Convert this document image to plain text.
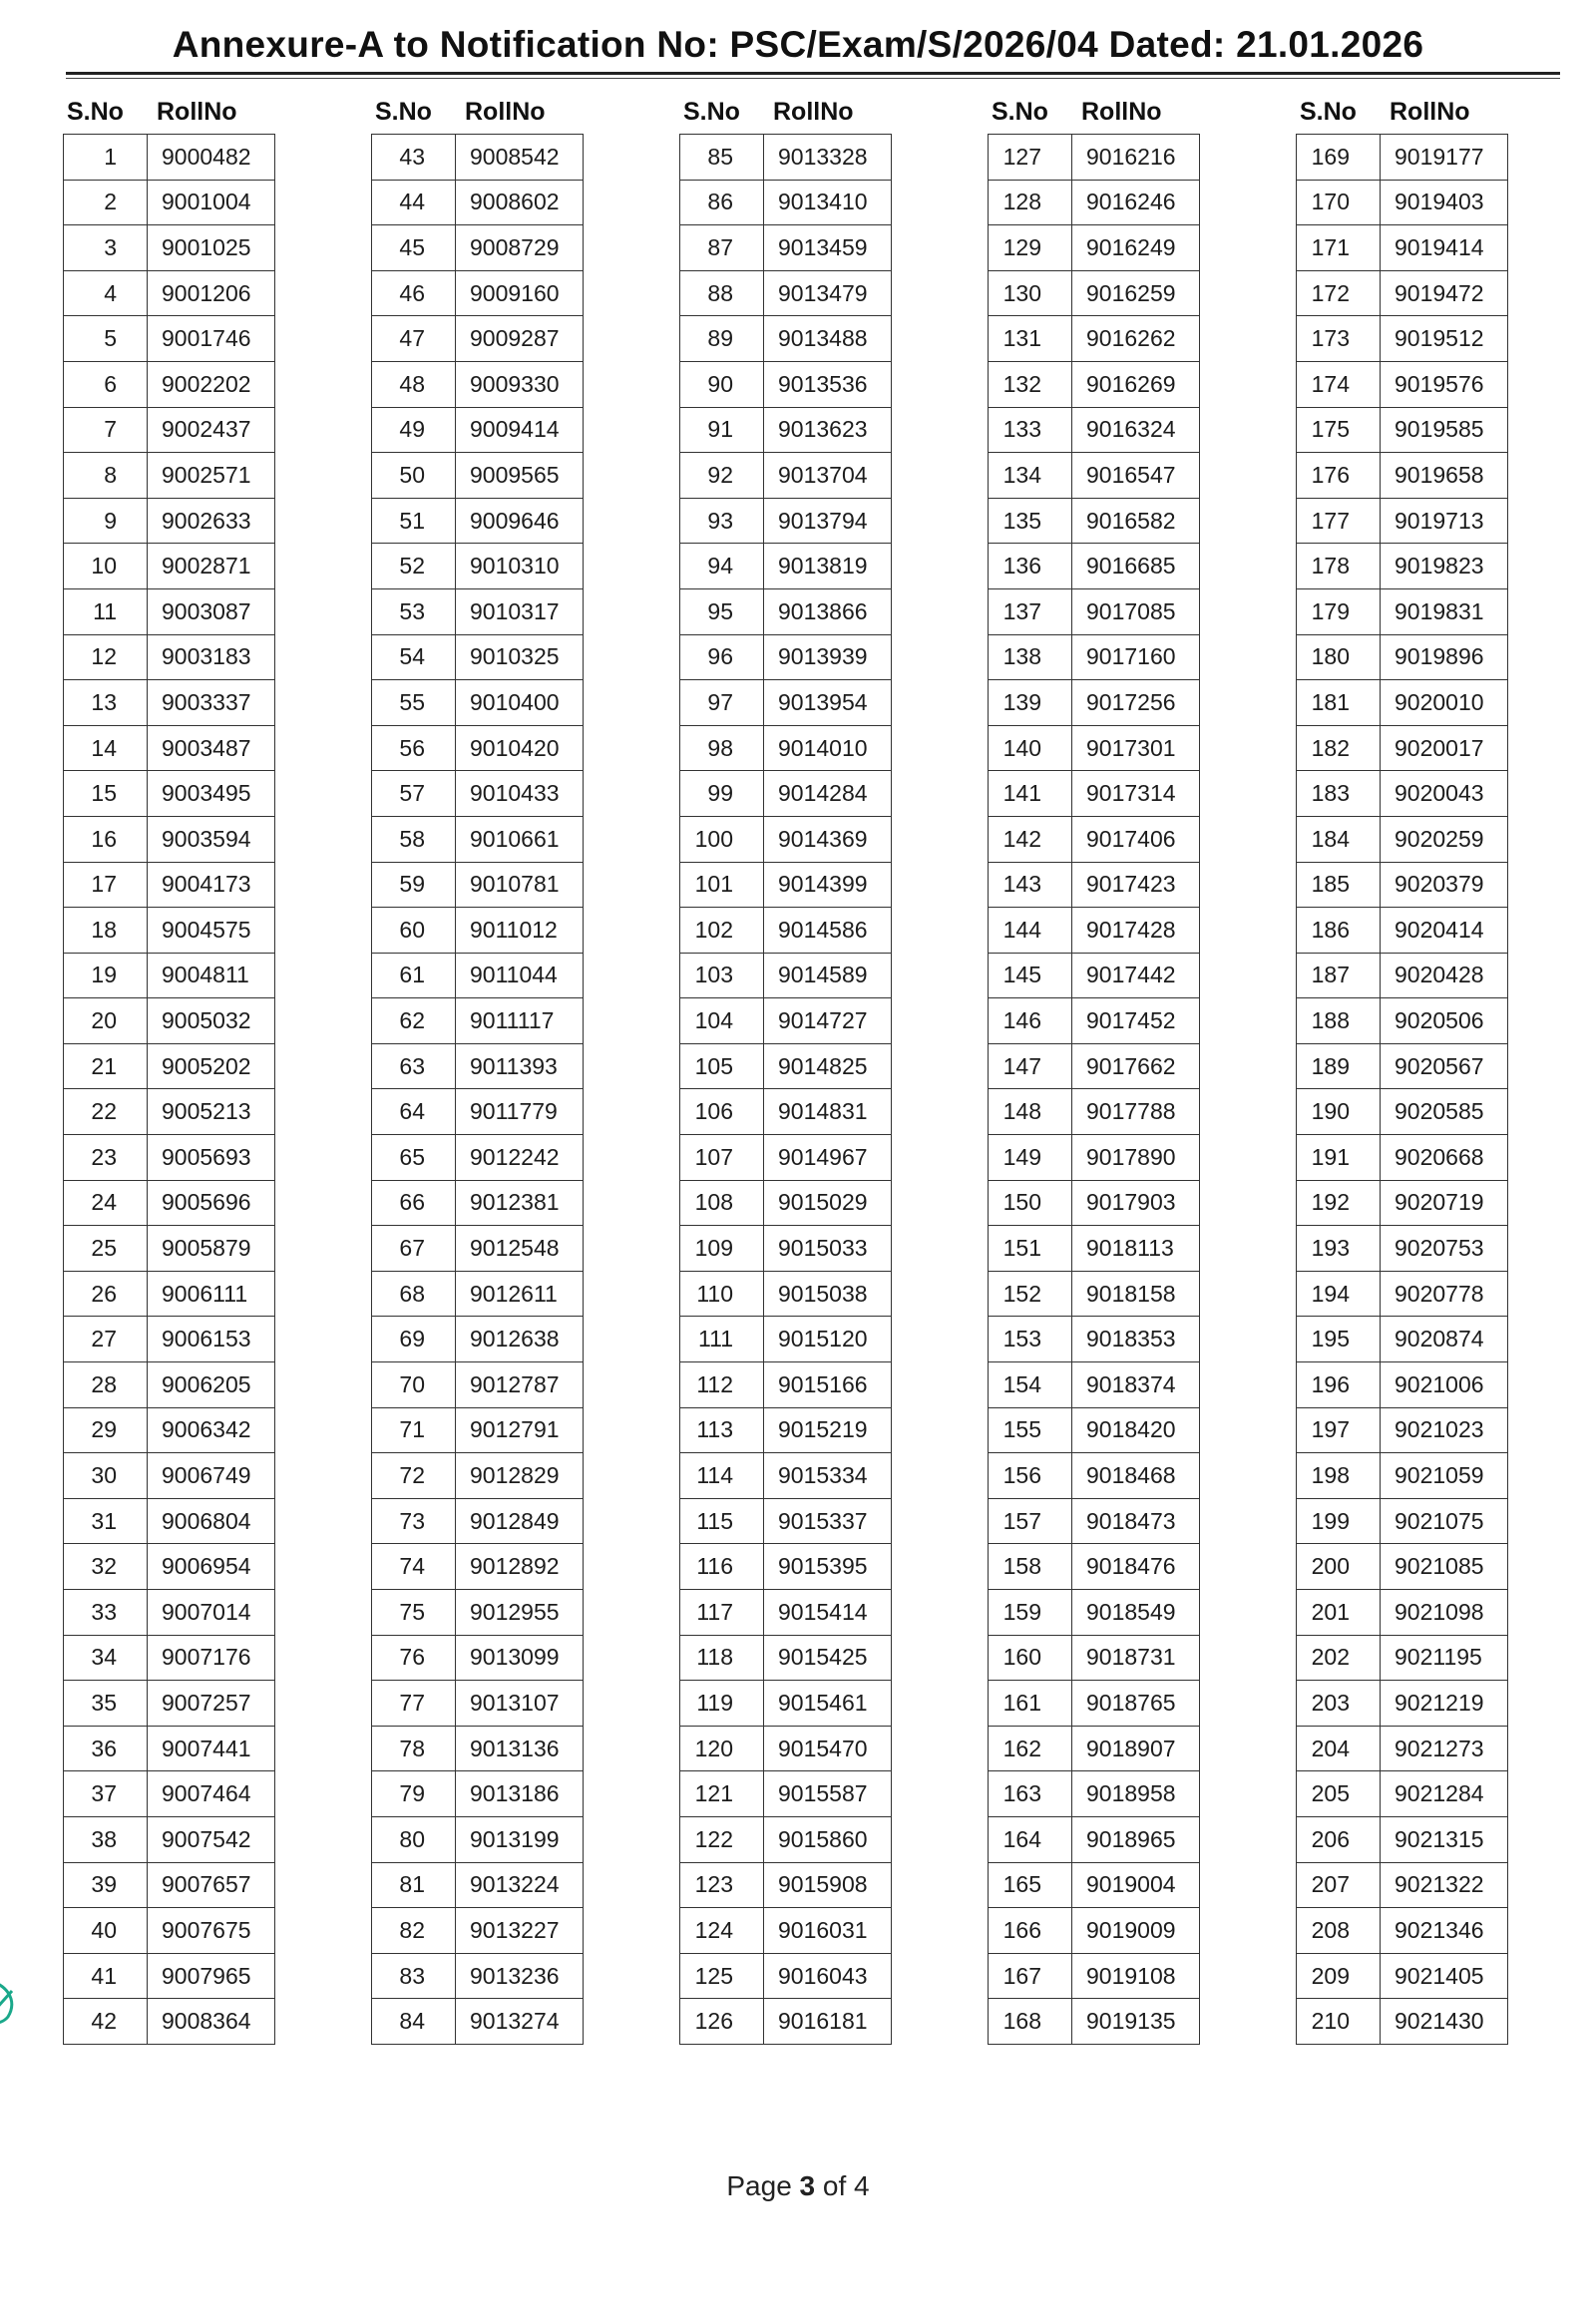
Annexure-A to Notification No: PSC/Exam/S/2026/04 Dated: 21.01.2026
S.No RollNo
1	9000482
2	9001004
3	9001025
4	9001206
5	9001746
6	9002202
7	9002437
8	9002571
9	9002633
10	9002871
11	9003087
12	9003183
13	9003337
14	9003487
15	9003495
16	9003594
17	9004173
18	9004575
19	9004811
20	9005032
21	9005202
22	9005213
23	9005693
24	9005696
25	9005879
26	9006111
27	9006153
28	9006205
29	9006342
30	9006749
31	9006804
32	9006954
33	9007014
34	9007176
35	9007257
36	9007441
37	9007464
38	9007542
39	9007657
40	9007675
41	9007965
42	9008364
S.No RollNo
43	9008542
44	9008602
45	9008729
46	9009160
47	9009287
48	9009330
49	9009414
50	9009565
51	9009646
52	9010310
53	9010317
54	9010325
55	9010400
56	9010420
57	9010433
58	9010661
59	9010781
60	9011012
61	9011044
62	9011117
63	9011393
64	9011779
65	9012242
66	9012381
67	9012548
68	9012611
69	9012638
70	9012787
71	9012791
72	9012829
73	9012849
74	9012892
75	9012955
76	9013099
77	9013107
78	9013136
79	9013186
80	9013199
81	9013224
82	9013227
83	9013236
84	9013274
S.No RollNo
85	9013328
86	9013410
87	9013459
88	9013479
89	9013488
90	9013536
91	9013623
92	9013704
93	9013794
94	9013819
95	9013866
96	9013939
97	9013954
98	9014010
99	9014284
100	9014369
101	9014399
102	9014586
103	9014589
104	9014727
105	9014825
106	9014831
107	9014967
108	9015029
109	9015033
110	9015038
111	9015120
112	9015166
113	9015219
114	9015334
115	9015337
116	9015395
117	9015414
118	9015425
119	9015461
120	9015470
121	9015587
122	9015860
123	9015908
124	9016031
125	9016043
126	9016181
S.No RollNo
127	9016216
128	9016246
129	9016249
130	9016259
131	9016262
132	9016269
133	9016324
134	9016547
135	9016582
136	9016685
137	9017085
138	9017160
139	9017256
140	9017301
141	9017314
142	9017406
143	9017423
144	9017428
145	9017442
146	9017452
147	9017662
148	9017788
149	9017890
150	9017903
151	9018113
152	9018158
153	9018353
154	9018374
155	9018420
156	9018468
157	9018473
158	9018476
159	9018549
160	9018731
161	9018765
162	9018907
163	9018958
164	9018965
165	9019004
166	9019009
167	9019108
168	9019135
S.No RollNo
169	9019177
170	9019403
171	9019414
172	9019472
173	9019512
174	9019576
175	9019585
176	9019658
177	9019713
178	9019823
179	9019831
180	9019896
181	9020010
182	9020017
183	9020043
184	9020259
185	9020379
186	9020414
187	9020428
188	9020506
189	9020567
190	9020585
191	9020668
192	9020719
193	9020753
194	9020778
195	9020874
196	9021006
197	9021023
198	9021059
199	9021075
200	9021085
201	9021098
202	9021195
203	9021219
204	9021273
205	9021284
206	9021315
207	9021322
208	9021346
209	9021405
210	9021430
Page 3 of 4
